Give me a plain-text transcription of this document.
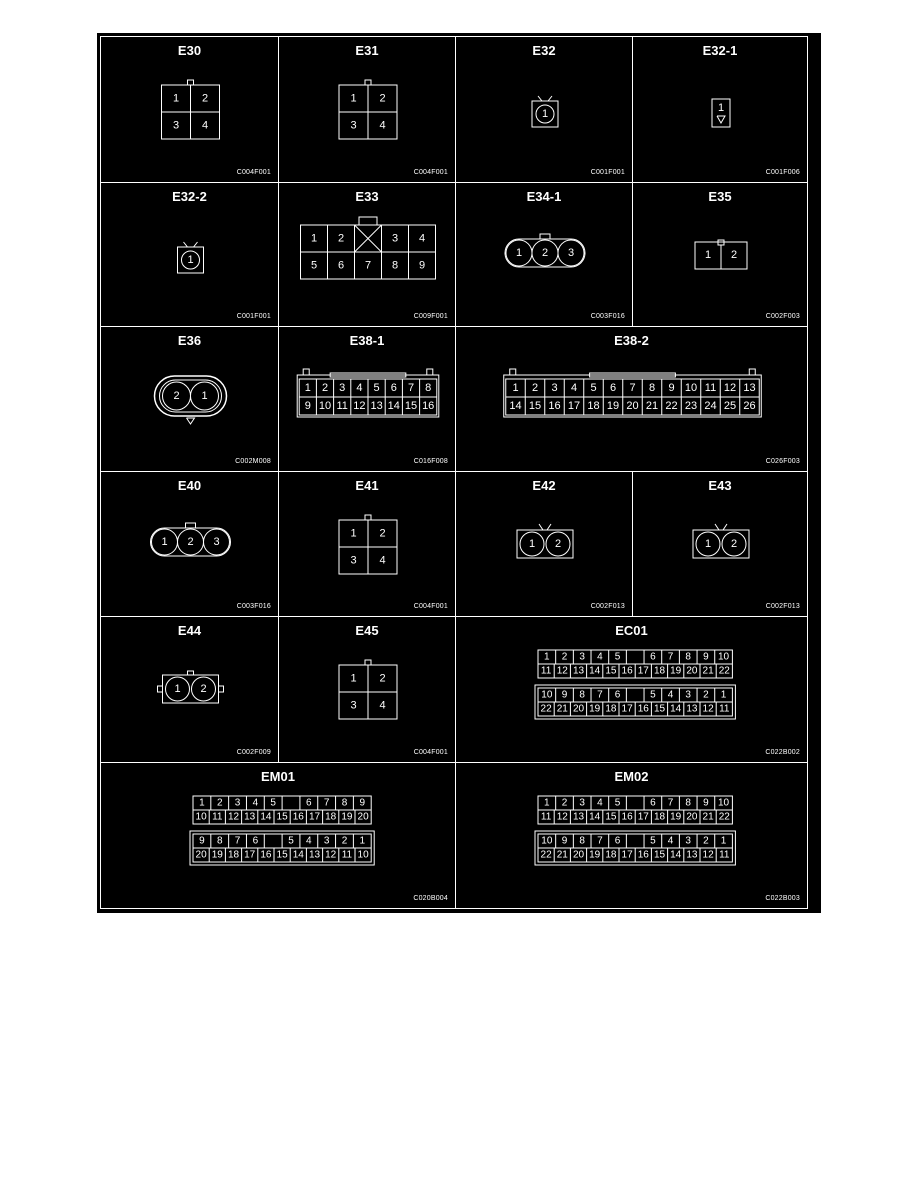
E30
1 2
3 4
C004F001
E31
1 2
3 4
C004F001
E32
1
C001F001
E32-1
1
C001F006
E32-2
1
C001F001
E33
1 2	3 4
5 6 7 8 9
C009F001
E34-1
1 2 3
C003F016
E35
1 2
C002F003
E36
2 1
C002M008
E38-1
1 2 3 4 5 6 7 8
9 10 11 12 13 14 15 16
C016F008
E38-2
1 2 3 4 5 6 7 8 9 10 11 12 13
14 15 16 17 18 19 20 21 22 23 24 25 26
C026F003
E40
1 2 3
C003F016
E41
1 2
3 4
C004F001
E42
1 2
C002F013
E43
1 2
C002F013
E44
1 2
C002F009
E45
1 2
3 4
C004F001
EC01
1 2 3 4 5	6 7 8 9 10
11 12 13 14 15 16 17 18 19 20 21 22
10 9 8 7 6	5 4 3 2 1
22 21 20 19 18 17 16 15 14 13 12 11
C022B002
EM01
1 2 3 4 5	6 7 8 9
10 11 12 13 14 15 16 17 18 19 20
9 8 7 6	5 4 3 2 1
20 19 18 17 16 15 14 13 12 11 10
C020B004
EM02
1 2 3 4 5	6 7 8 9 10
11 12 13 14 15 16 17 18 19 20 21 22
10 9 8 7 6	5 4 3 2 1
22 21 20 19 18 17 16 15 14 13 12 11
C022B003
